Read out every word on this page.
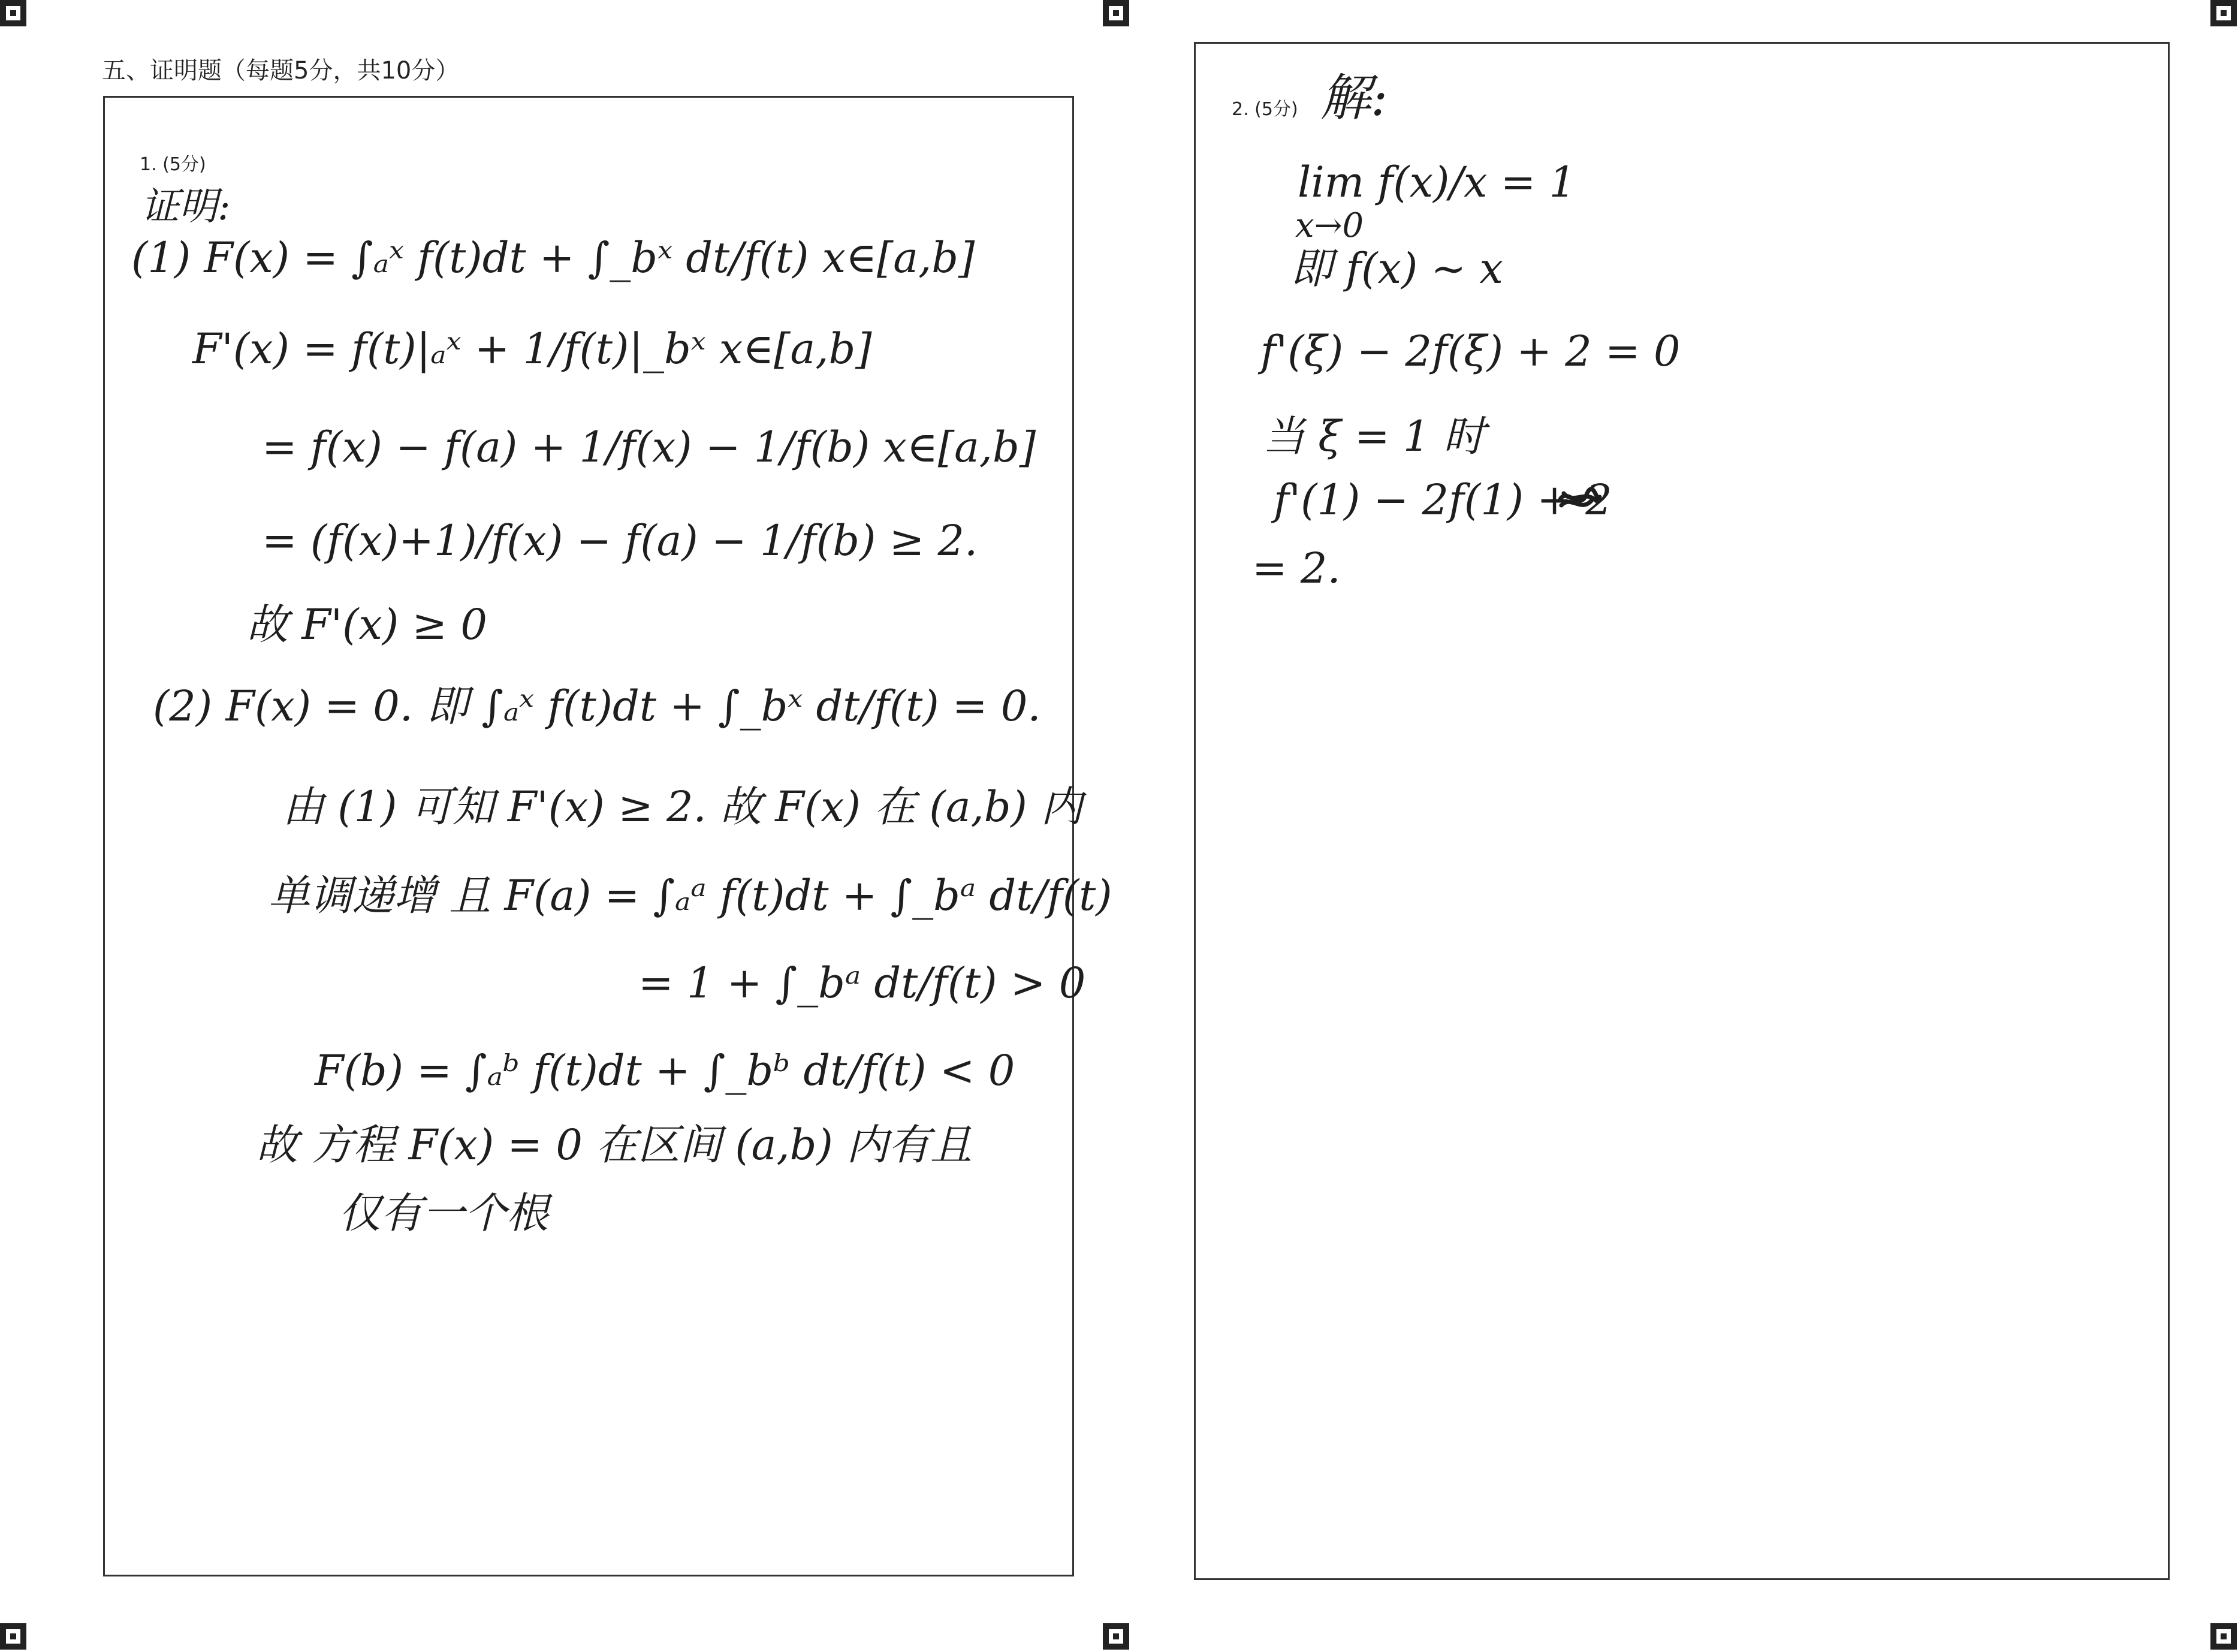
五、证明题（每题5分，共10分）
1. (5分)
证明:
(1) F(x) = ∫ₐˣ f(t)dt + ∫_bˣ dt/f(t) x∈[a,b]
F'(x) = f(t)|ₐˣ + 1/f(t)|_bˣ x∈[a,b]
= f(x) − f(a) + 1/f(x) − 1/f(b) x∈[a,b]
= (f(x)+1)/f(x) − f(a) − 1/f(b) ≥ 2.
故 F'(x) ≥ 0
(2) F(x) = 0. 即 ∫ₐˣ f(t)dt + ∫_bˣ dt/f(t) = 0.
由 (1) 可知 F'(x) ≥ 2. 故 F(x) 在 (a,b) 内
单调递增 且 F(a) = ∫ₐᵃ f(t)dt + ∫_bᵃ dt/f(t)
= 1 + ∫_bᵃ dt/f(t) > 0
F(b) = ∫ₐᵇ f(t)dt + ∫_bᵇ dt/f(t) < 0
故 方程 F(x) = 0 在区间 (a,b) 内有且
仅有一个根
2. (5分) 解:
lim f(x)/x = 1
x→0
即 f(x) ~ x
f'(ξ) − 2f(ξ) + 2 = 0
当 ξ = 1 时
f'(1) − 2f(1) + 2
= 2.
